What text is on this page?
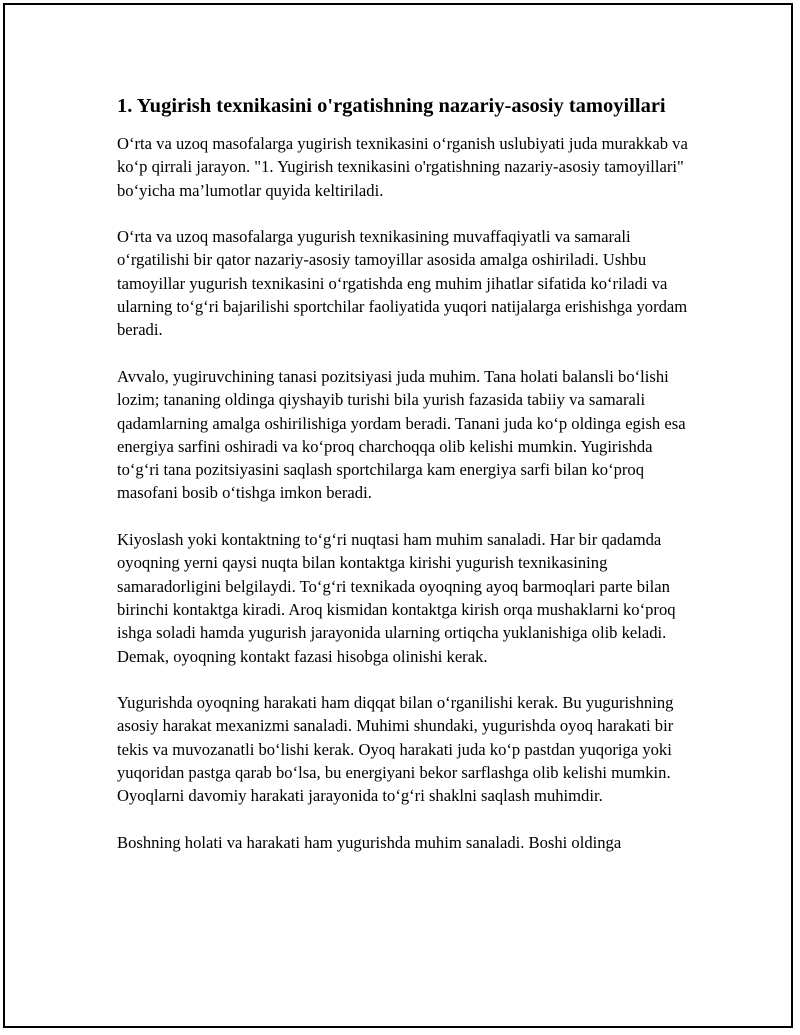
1. Yugirish texnikasini o'rgatishning nazariy-asosiy tamoyillari

O‘rta va uzoq masofalarga yugirish texnikasini o‘rganish uslubiyati juda murakkab va ko‘p qirrali jarayon. "1. Yugirish texnikasini o'rgatishning nazariy-asosiy tamoyillari" bo‘yicha ma’lumotlar quyida keltiriladi.

O‘rta va uzoq masofalarga yugurish texnikasining muvaffaqiyatli va samarali o‘rgatilishi bir qator nazariy-asosiy tamoyillar asosida amalga oshiriladi. Ushbu tamoyillar yugurish texnikasini o‘rgatishda eng muhim jihatlar sifatida ko‘riladi va ularning to‘g‘ri bajarilishi sportchilar faoliyatida yuqori natijalarga erishishga yordam beradi.

Avvalo, yugiruvchining tanasi pozitsiyasi juda muhim. Tana holati balansli bo‘lishi lozim; tananing oldinga qiyshayib turishi bila yurish fazasida tabiiy va samarali qadamlarning amalga oshirilishiga yordam beradi. Tanani juda ko‘p oldinga egish esa energiya sarfini oshiradi va ko‘proq charchoqqa olib kelishi mumkin. Yugirishda to‘g‘ri tana pozitsiyasini saqlash sportchilarga kam energiya sarfi bilan ko‘proq masofani bosib o‘tishga imkon beradi.

Kiyoslash yoki kontaktning to‘g‘ri nuqtasi ham muhim sanaladi. Har bir qadamda oyoqning yerni qaysi nuqta bilan kontaktga kirishi yugurish texnikasining samaradorligini belgilaydi. To‘g‘ri texnikada oyoqning ayoq barmoqlari parte bilan birinchi kontaktga kiradi. Aroq kismidan kontaktga kirish orqa mushaklarni ko‘proq ishga soladi hamda yugurish jarayonida ularning ortiqcha yuklanishiga olib keladi. Demak, oyoqning kontakt fazasi hisobga olinishi kerak.

Yugurishda oyoqning harakati ham diqqat bilan o‘rganilishi kerak. Bu yugurishning asosiy harakat mexanizmi sanaladi. Muhimi shundaki, yugurishda oyoq harakati bir tekis va muvozanatli bo‘lishi kerak. Oyoq harakati juda ko‘p pastdan yuqoriga yoki yuqoridan pastga qarab bo‘lsa, bu energiyani bekor sarflashga olib kelishi mumkin. Oyoqlarni davomiy harakati jarayonida to‘g‘ri shaklni saqlash muhimdir.

Boshning holati va harakati ham yugurishda muhim sanaladi. Boshi oldinga
